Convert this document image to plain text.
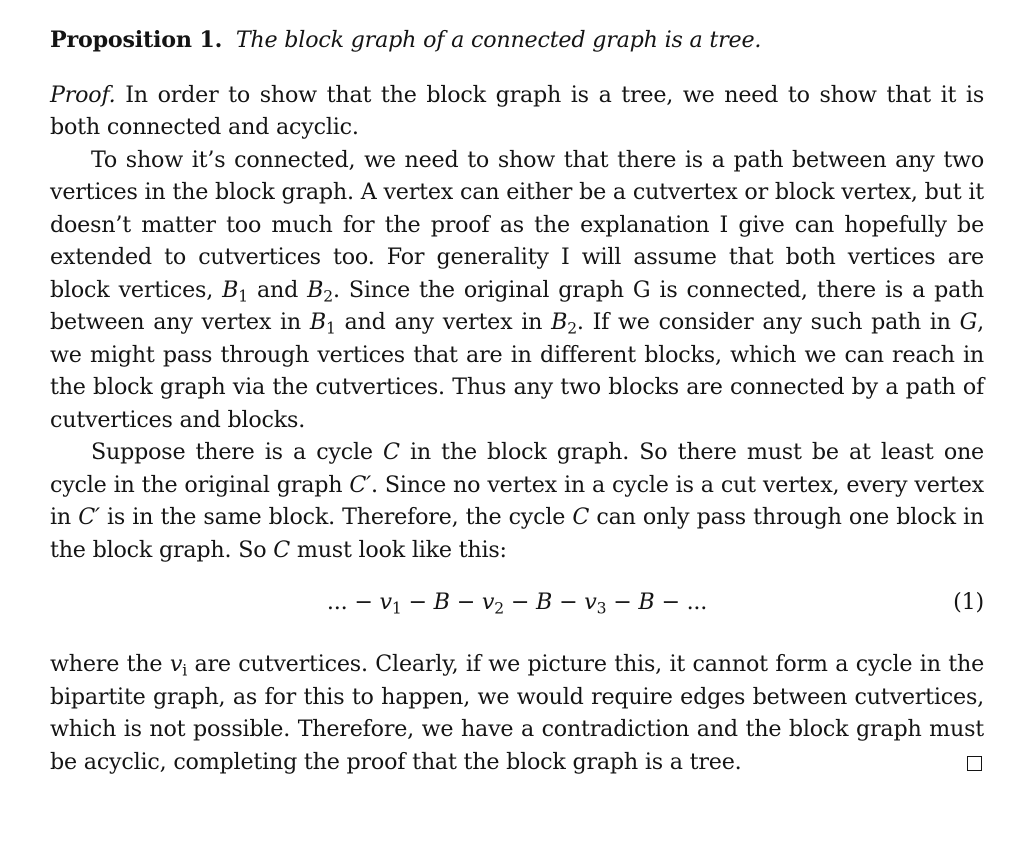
Proposition 1. The block graph of a connected graph is a tree.

Proof. In order to show that the block graph is a tree, we need to show that it is both connected and acyclic.

To show it’s connected, we need to show that there is a path between any two vertices in the block graph. A vertex can either be a cutvertex or block vertex, but it doesn’t matter too much for the proof as the explanation I give can hopefully be extended to cutvertices too. For generality I will assume that both vertices are block vertices, $B_1$ and $B_2$. Since the original graph G is connected, there is a path between any vertex in $B_1$ and any vertex in $B_2$. If we consider any such path in G, we might pass through vertices that are in different blocks, which we can reach in the block graph via the cutvertices. Thus any two blocks are connected by a path of cutvertices and blocks.

Suppose there is a cycle C in the block graph. So there must be at least one cycle in the original graph C′. Since no vertex in a cycle is a cut vertex, every vertex in C′ is in the same block. Therefore, the cycle C can only pass through one block in the block graph. So C must look like this:

... − $v_1 - B - v_2 - B - v_3 - B$ − ...	(1)

where the $v_i$ are cutvertices. Clearly, if we picture this, it cannot form a cycle in the bipartite graph, as for this to happen, we would require edges between cutvertices, which is not possible. Therefore, we have a contradiction and the block graph must be acyclic, completing the proof that the block graph is a tree.
